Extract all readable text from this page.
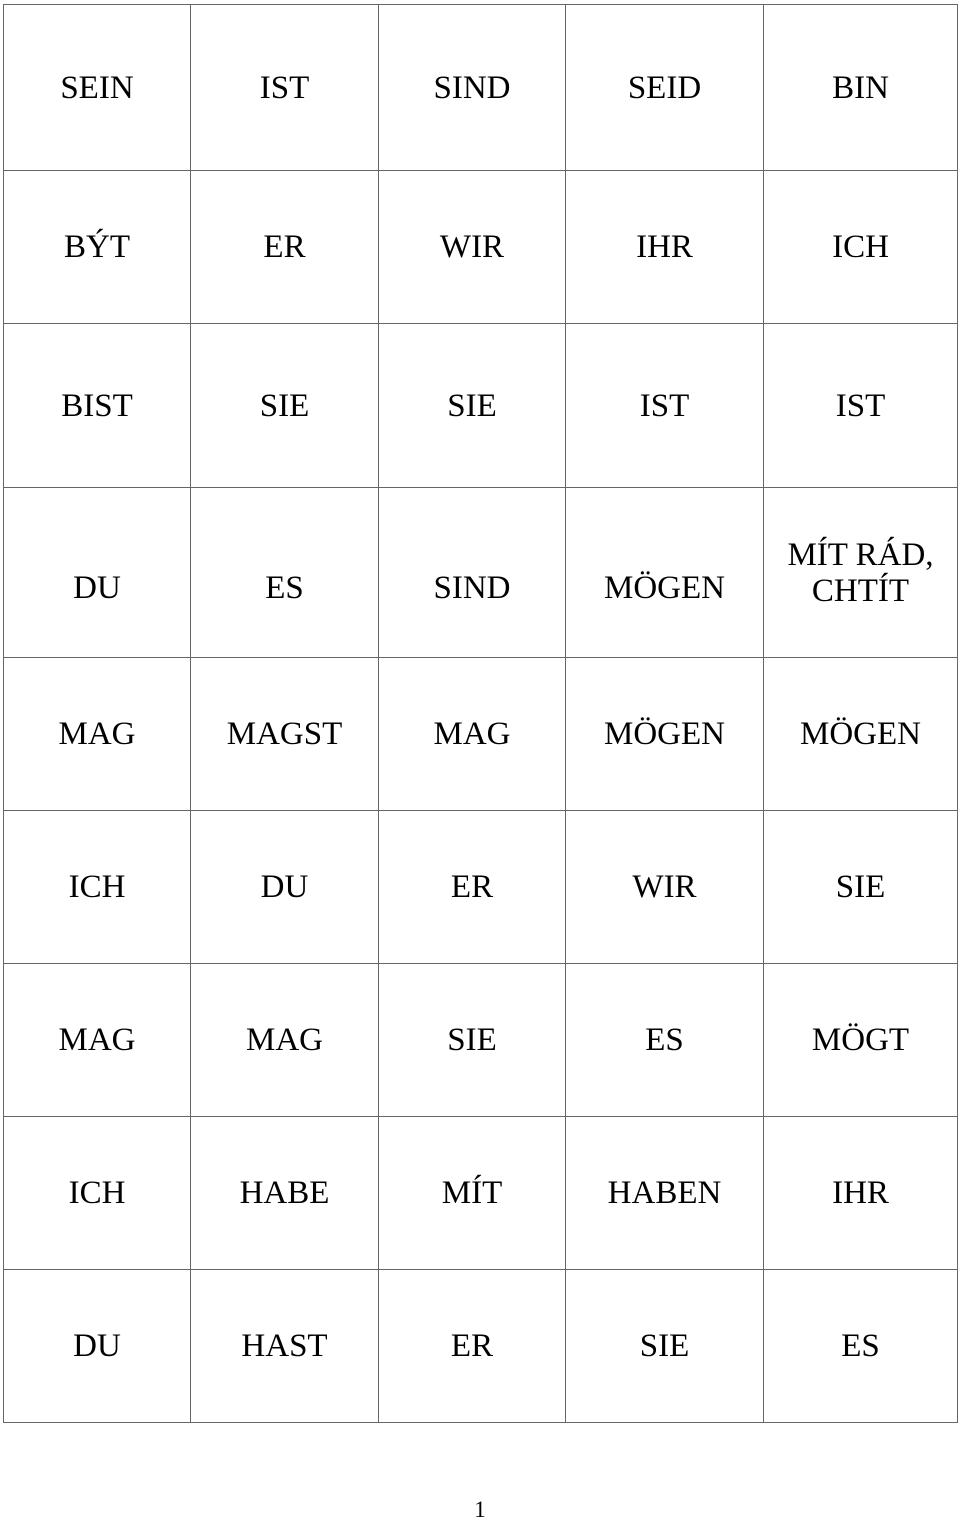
SEIN	IST	SIND	SEID	BIN
BÝT	ER	WIR	IHR	ICH
BIST	SIE	SIE	IST	IST
DU	ES	SIND	MÖGEN	MÍT RÁD, CHTÍT
MAG	MAGST	MAG	MÖGEN	MÖGEN
ICH	DU	ER	WIR	SIE
MAG	MAG	SIE	ES	MÖGT
ICH	HABE	MÍT	HABEN	IHR
DU	HAST	ER	SIE	ES
1
